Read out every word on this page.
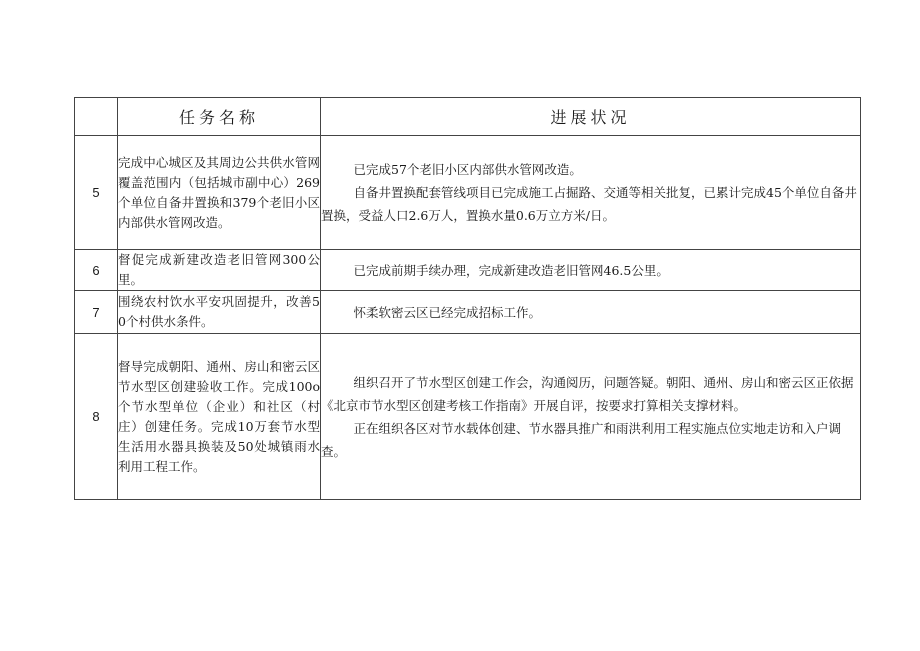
	任务名称	进展状况
5	完成中心城区及其周边公共供水管网覆盖范围内（包括城市副中心）269个单位自备井置换和379个老旧小区内部供水管网改造。	已完成57个老旧小区内部供水管网改造。

自备井置换配套管线项目已完成施工占掘路、交通等相关批复，已累计完成45个单位自备井置换，受益人口2.6万人，置换水量0.6万立方米/日。

6	督促完成新建改造老旧管网300公里。	已完成前期手续办理，完成新建改造老旧管网46.5公里。

7	围绕农村饮水平安巩固提升，改善50个村供水条件。	怀柔软密云区已经完成招标工作。

8	督导完成朝阳、通州、房山和密云区节水型区创建验收工作。完成100o个节水型单位（企业）和社区（村庄）创建任务。完成10万套节水型生活用水器具换装及50处城镇雨水利用工程工作。	组织召开了节水型区创建工作会，沟通阅历，问题答疑。朝阳、通州、房山和密云区正依据《北京市节水型区创建考核工作指南》开展自评，按要求打算相关支撑材料。

正在组织各区对节水载体创建、节水器具推广和雨洪利用工程实施点位实地走访和入户调查。
